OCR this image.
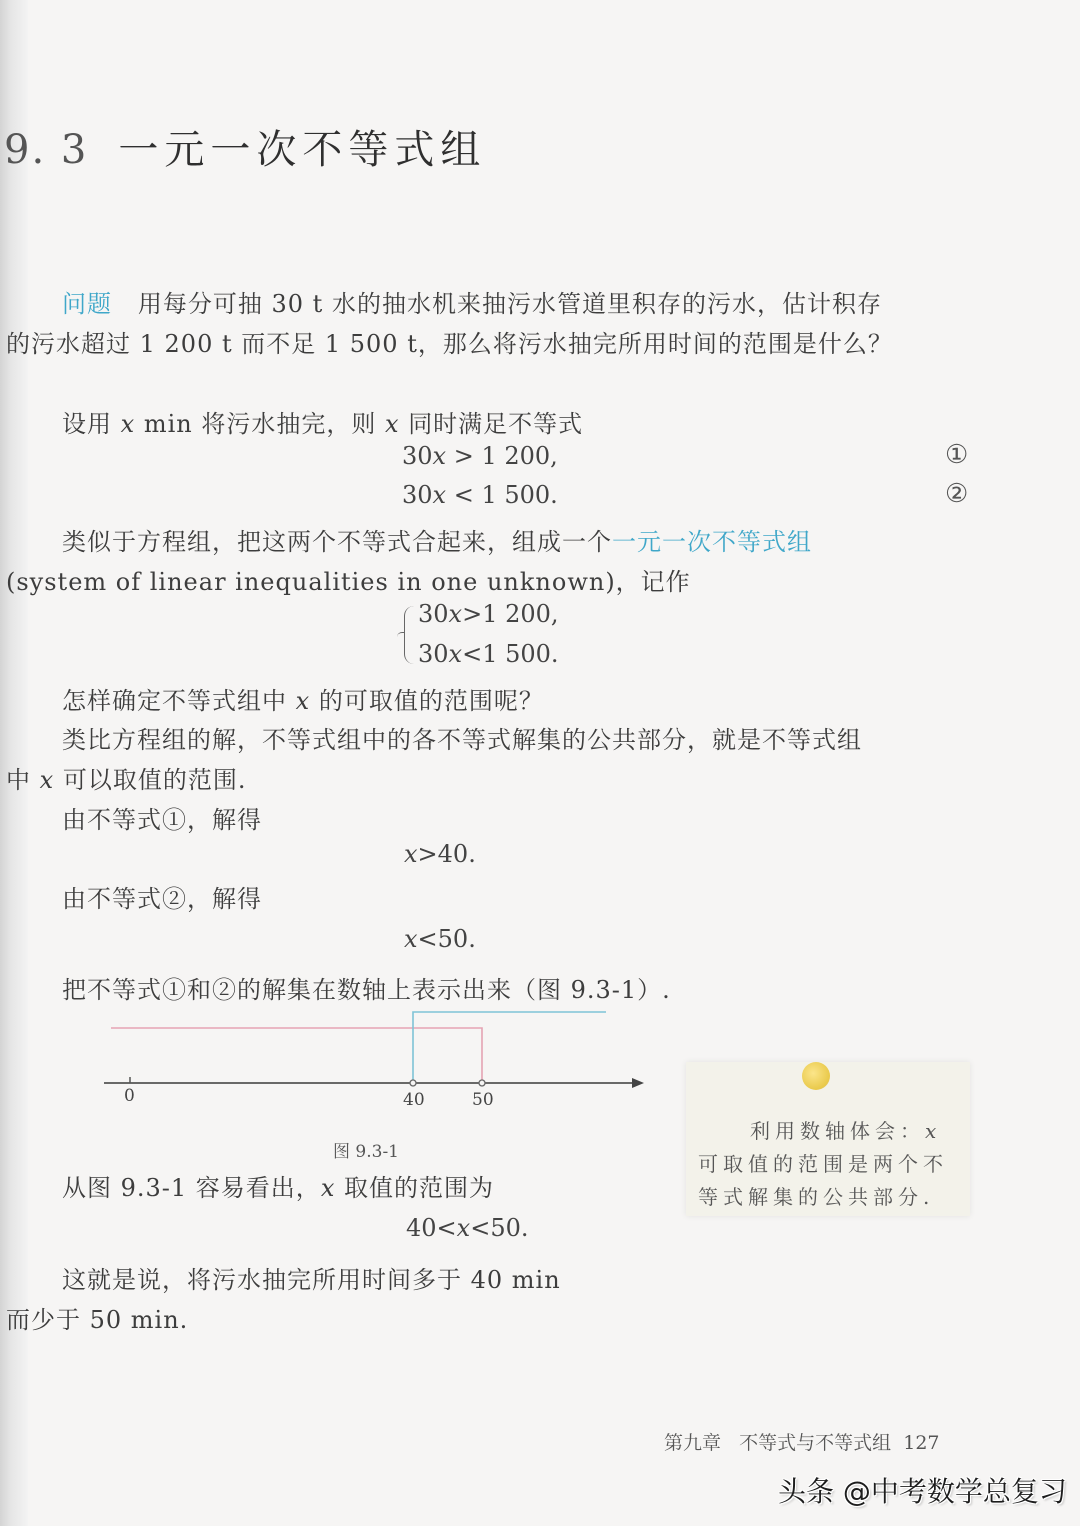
9. 3 一元一次不等式组
问题 用每分可抽 30 t 水的抽水机来抽污水管道里积存的污水，估计积存
的污水超过 1 200 t 而不足 1 500 t，那么将污水抽完所用时间的范围是什么？
设用 x min 将污水抽完，则 x 同时满足不等式
30x > 1 200,	①
30x < 1 500.	②
类似于方程组，把这两个不等式合起来，组成一个一元一次不等式组
(system of linear inequalities in one unknown)，记作
30x>1 200,
30x<1 500.
怎样确定不等式组中 x 的可取值的范围呢？
类比方程组的解，不等式组中的各不等式解集的公共部分，就是不等式组
中 x 可以取值的范围.
由不等式①，解得
x>40.
由不等式②，解得
x<50.
把不等式①和②的解集在数轴上表示出来（图 9.3-1）.
0	40	50
图 9.3-1
利用数轴体会：x
可取值的范围是两个不
等式解集的公共部分.
从图 9.3-1 容易看出，x 取值的范围为
40<x<50.
这就是说，将污水抽完所用时间多于 40 min
而少于 50 min.
第九章 不等式与不等式组 127
头条 @中考数学总复习
